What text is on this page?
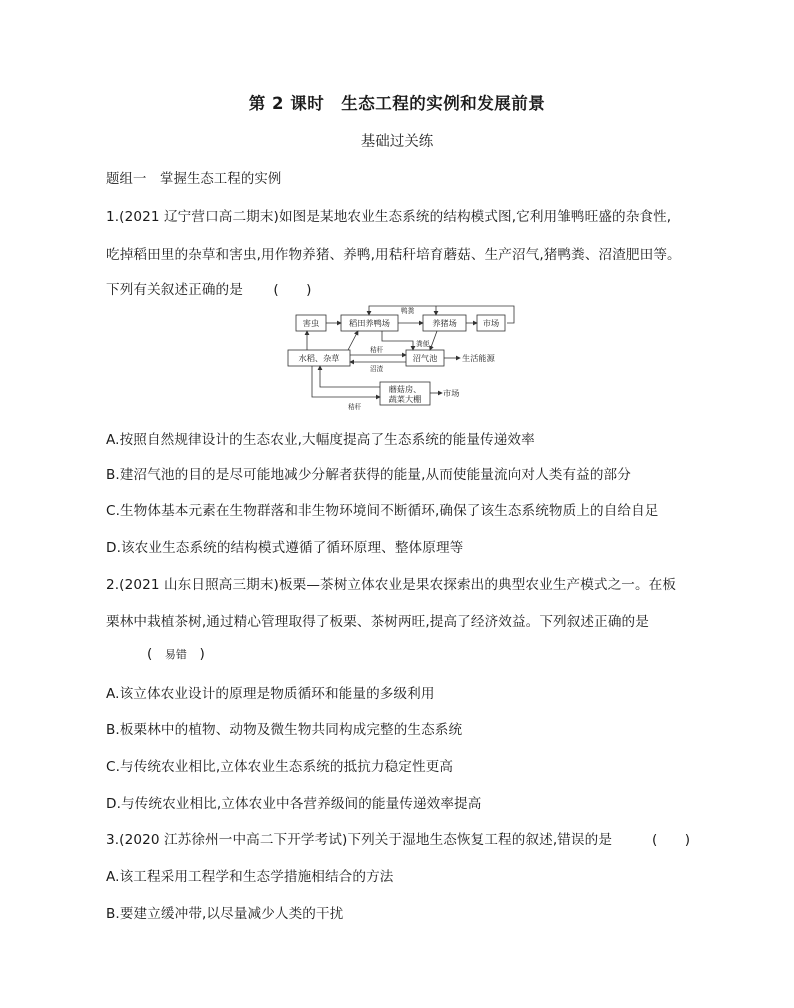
第 2 课时　生态工程的实例和发展前景
基础过关练
题组一　掌握生态工程的实例
1.(2021 辽宁营口高二期末)如图是某地农业生态系统的结构模式图,它利用雏鸭旺盛的杂食性,
吃掉稻田里的杂草和害虫,用作物养猪、养鸭,用秸秆培育蘑菇、生产沼气,猪鸭粪、沼渣肥田等。
下列有关叙述正确的是 (　　)
害虫	稻田养鸭场	养猪场	市场
水稻、杂草	沼气池	生活能源
蘑菇房、
蔬菜大棚
市场
鸭粪
粪便
秸秆
沼渣
秸秆
A.按照自然规律设计的生态农业,大幅度提高了生态系统的能量传递效率
B.建沼气池的目的是尽可能地减少分解者获得的能量,从而使能量流向对人类有益的部分
C.生物体基本元素在生物群落和非生物环境间不断循环,确保了该生态系统物质上的自给自足
D.该农业生态系统的结构模式遵循了循环原理、整体原理等
2.(2021 山东日照高三期末)板栗—茶树立体农业是果农探索出的典型农业生产模式之一。在板
栗林中栽植茶树,通过精心管理取得了板栗、茶树两旺,提高了经济效益。下列叙述正确的是
( 易错 )
A.该立体农业设计的原理是物质循环和能量的多级利用
B.板栗林中的植物、动物及微生物共同构成完整的生态系统
C.与传统农业相比,立体农业生态系统的抵抗力稳定性更高
D.与传统农业相比,立体农业中各营养级间的能量传递效率提高
3.(2020 江苏徐州一中高二下开学考试)下列关于湿地生态恢复工程的叙述,错误的是	(　　)
A.该工程采用工程学和生态学措施相结合的方法
B.要建立缓冲带,以尽量减少人类的干扰
